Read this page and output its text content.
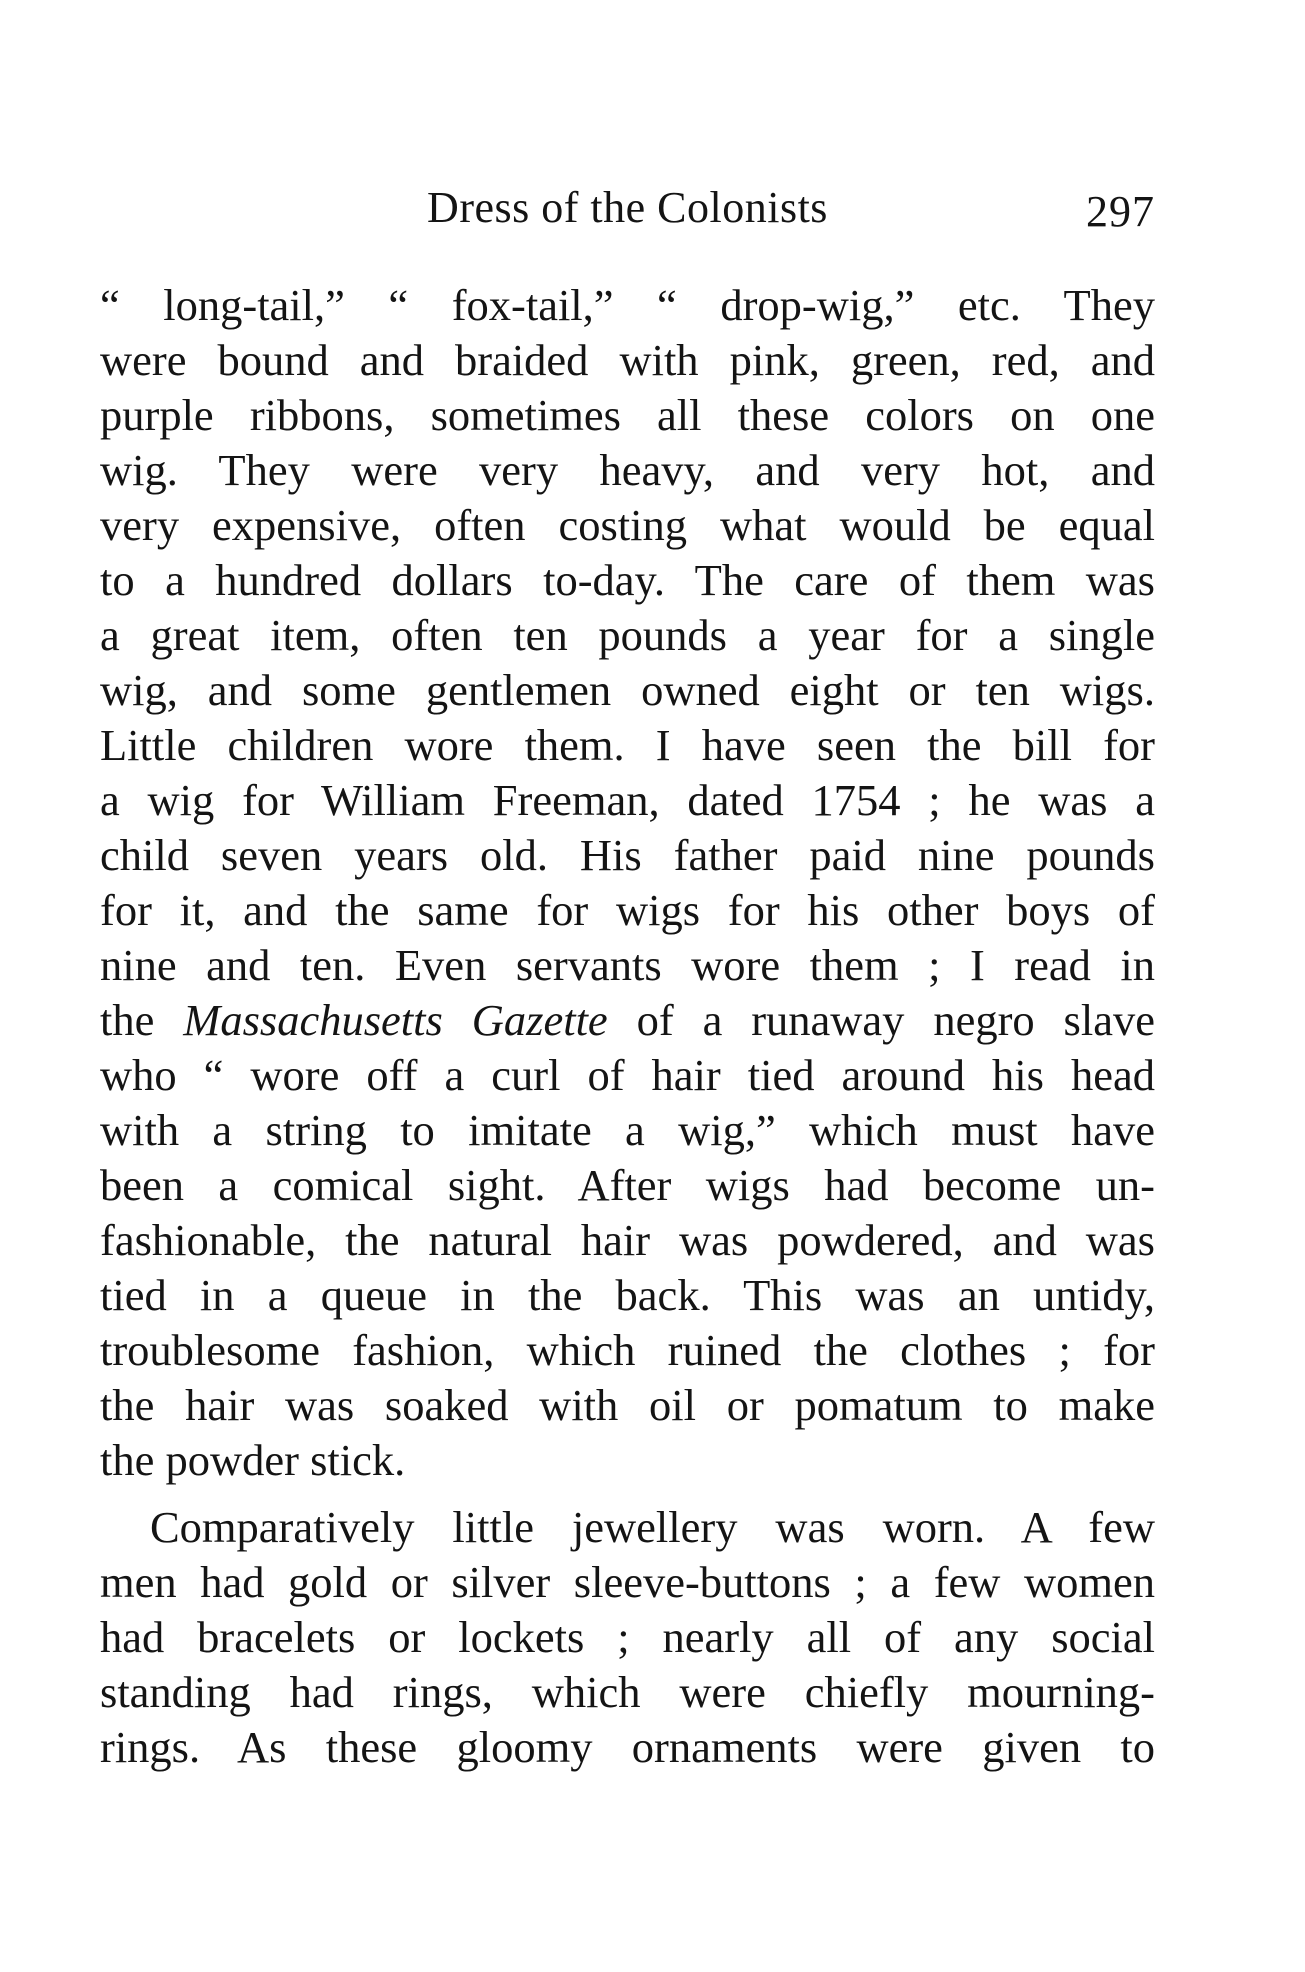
Dress of the Colonists	297
“ long-tail,” “ fox-tail,” “ drop-wig,” etc. They
were bound and braided with pink, green, red, and
purple ribbons, sometimes all these colors on one
wig. They were very heavy, and very hot, and
very expensive, often costing what would be equal
to a hundred dollars to-day. The care of them was
a great item, often ten pounds a year for a single
wig, and some gentlemen owned eight or ten wigs.
Little children wore them. I have seen the bill for
a wig for William Freeman, dated 1754 ; he was a
child seven years old. His father paid nine pounds
for it, and the same for wigs for his other boys of
nine and ten. Even servants wore them ; I read in
the Massachusetts Gazette of a runaway negro slave
who “ wore off a curl of hair tied around his head
with a string to imitate a wig,” which must have
been a comical sight. After wigs had become un-
fashionable, the natural hair was powdered, and was
tied in a queue in the back. This was an untidy,
troublesome fashion, which ruined the clothes ; for
the hair was soaked with oil or pomatum to make
the powder stick.
Comparatively little jewellery was worn. A few
men had gold or silver sleeve-buttons ; a few women
had bracelets or lockets ; nearly all of any social
standing had rings, which were chiefly mourning-
rings. As these gloomy ornaments were given to
